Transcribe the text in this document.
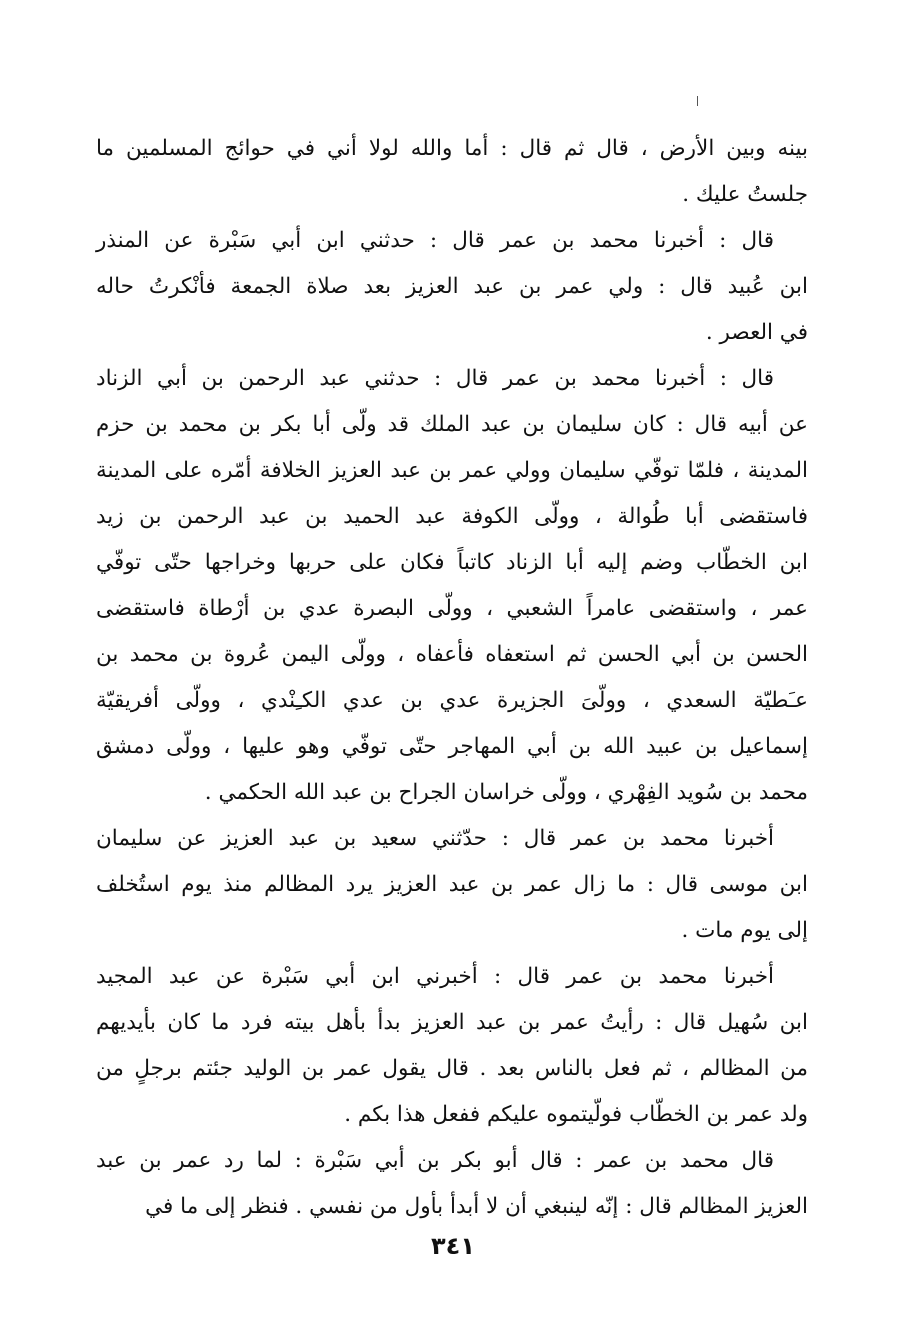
بينه وبين الأرض ، قال ثم قال : أما والله لولا أني في حوائج المسلمين ما
جلستُ عليك .
قال : أخبرنا محمد بن عمر قال : حدثني ابن أبي سَبْرة عن المنذر
ابن عُبيد قال : ولي عمر بن عبد العزيز بعد صلاة الجمعة فأنْكرتُ حاله
في العصر .
قال : أخبرنا محمد بن عمر قال : حدثني عبد الرحمن بن أبي الزناد
عن أبيه قال : كان سليمان بن عبد الملك قد ولّى أبا بكر بن محمد بن حزم
المدينة ، فلمّا توفّي سليمان وولي عمر بن عبد العزيز الخلافة أمّره على المدينة
فاستقضى أبا طُوالة ، وولّى الكوفة عبد الحميد بن عبد الرحمن بن زيد
ابن الخطّاب وضم إليه أبا الزناد كاتباً فكان على حربها وخراجها حتّى توفّي
عمر ، واستقضى عامراً الشعبي ، وولّى البصرة عدي بن أرْطاة فاستقضى
الحسن بن أبي الحسن ثم استعفاه فأعفاه ، وولّى اليمن عُروة بن محمد بن
عـَطيّة السعدي ، وولّىَ الجزيرة عدي بن عدي الكـِنْدي ، وولّى أفريقيّة
إسماعيل بن عبيد الله بن أبي المهاجر حتّى توفّي وهو عليها ، وولّى دمشق
محمد بن سُويد الفِهْري ، وولّى خراسان الجراح بن عبد الله الحكمي .
أخبرنا محمد بن عمر قال : حدّثني سعيد بن عبد العزيز عن سليمان
ابن موسى قال : ما زال عمر بن عبد العزيز يرد المظالم منذ يوم استُخلف
إلى يوم مات .
أخبرنا محمد بن عمر قال : أخبرني ابن أبي سَبْرة عن عبد المجيد
ابن سُهيل قال : رأيتُ عمر بن عبد العزيز بدأ بأهل بيته فرد ما كان بأيديهم
من المظالم ، ثم فعل بالناس بعد . قال يقول عمر بن الوليد جئتم برجلٍ من
ولد عمر بن الخطّاب فولّيتموه عليكم ففعل هذا بكم .
قال محمد بن عمر : قال أبو بكر بن أبي سَبْرة : لما رد عمر بن عبد
العزيز المظالم قال : إنّه لينبغي أن لا أبدأ بأول من نفسي . فنظر إلى ما في
٣٤١
